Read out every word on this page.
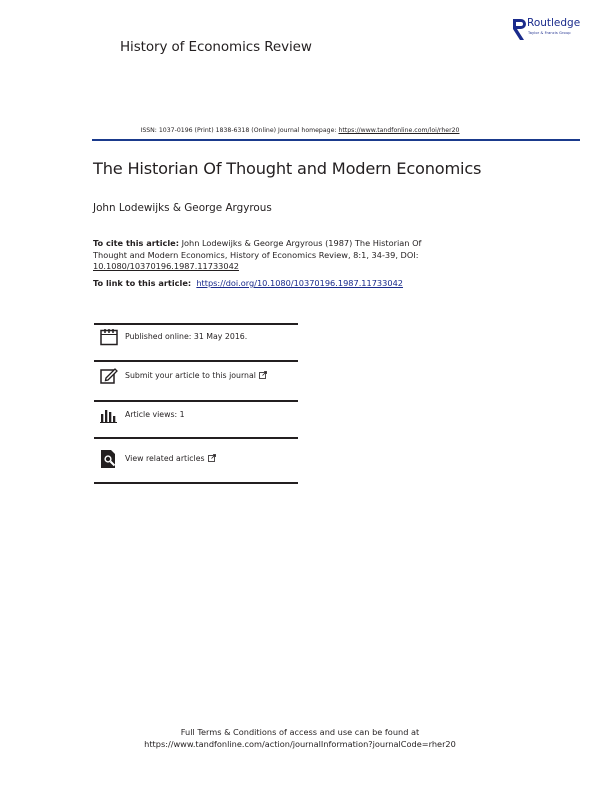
History of Economics Review
Routledge
Taylor & Francis Group
ISSN: 1037-0196 (Print) 1838-6318 (Online) Journal homepage: https://www.tandfonline.com/loi/rher20
The Historian Of Thought and Modern Economics
John Lodewijks & George Argyrous
To cite this article: John Lodewijks & George Argyrous (1987) The Historian Of Thought and Modern Economics, History of Economics Review, 8:1, 34-39, DOI: 10.1080/10370196.1987.11733042
To link to this article: https://doi.org/10.1080/10370196.1987.11733042
Published online: 31 May 2016.
Submit your article to this journal
Article views: 1
View related articles
Full Terms & Conditions of access and use can be found at
https://www.tandfonline.com/action/journalInformation?journalCode=rher20
